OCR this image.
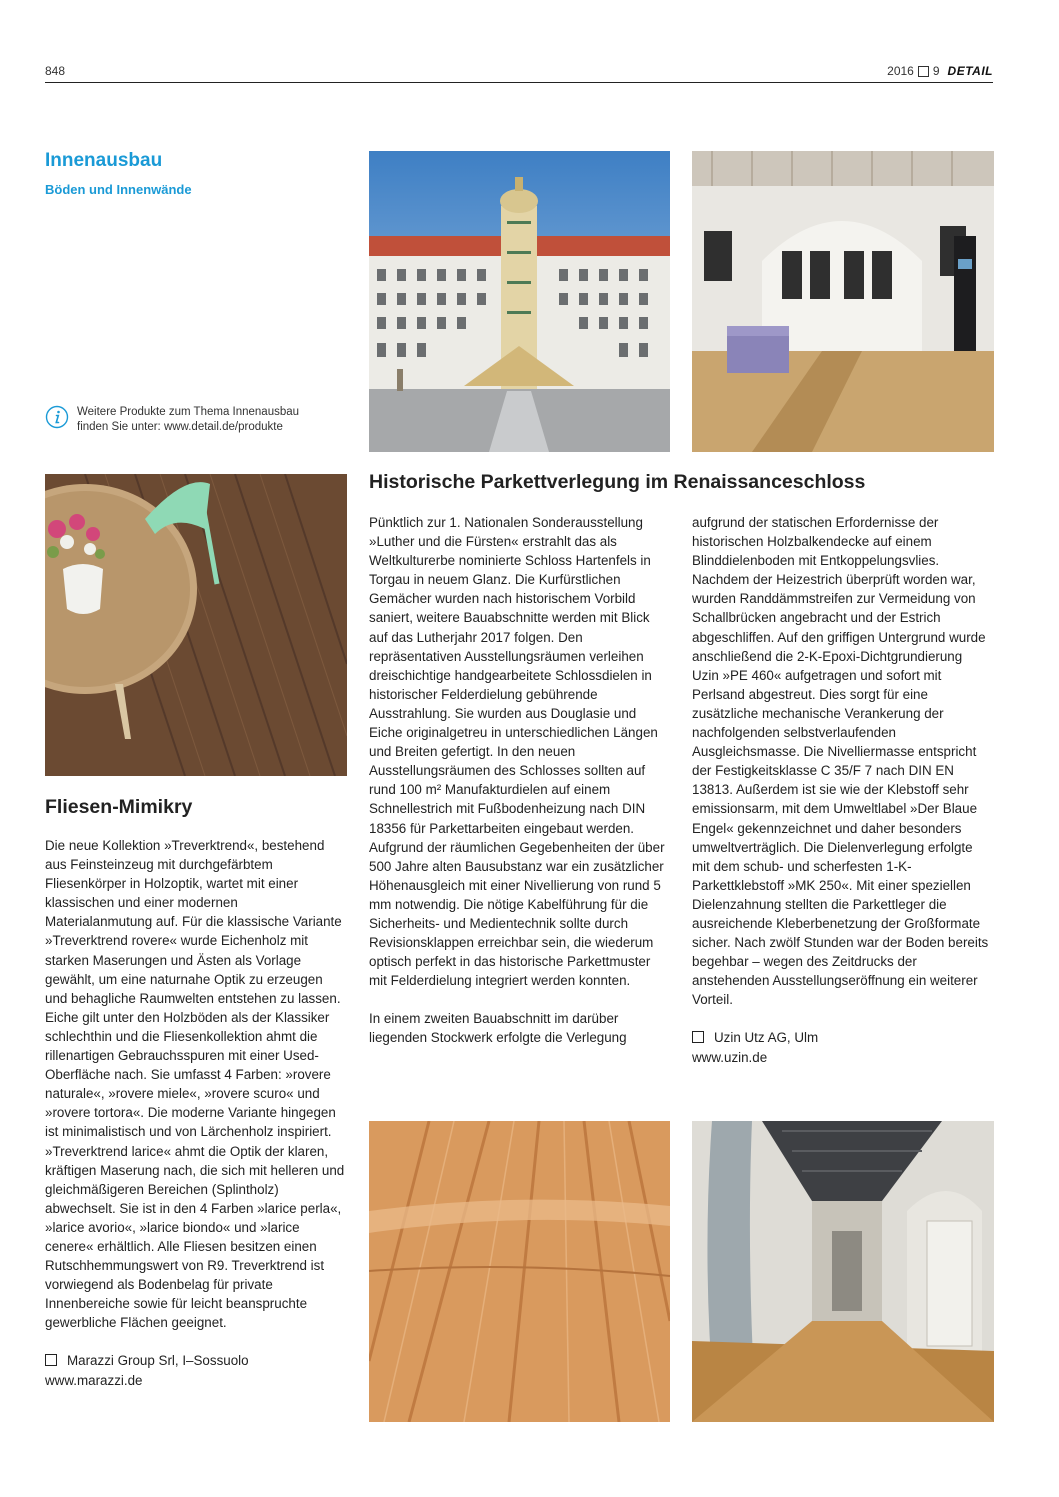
848	2016 9 DETAIL
Innenausbau
Böden und Innenwände
Weitere Produkte zum Thema Innenausbau
finden Sie unter: www.detail.de/produkte
Historische Parkettverlegung im Renaissanceschloss

Pünktlich zur 1. Nationalen Sonderausstellung »Luther und die Fürsten« erstrahlt das als Weltkulturerbe nominierte Schloss Hartenfels in Torgau in neuem Glanz. Die Kurfürstlichen Gemächer wurden nach historischem Vorbild saniert, weitere Bauabschnitte werden mit Blick auf das Lutherjahr 2017 folgen. Den repräsentativen Ausstellungsräumen verleihen dreischichtige handgearbeitete Schlossdielen in historischer Felderdielung gebührende Ausstrahlung. Sie wurden aus Douglasie und Eiche originalgetreu in unterschiedlichen Längen und Breiten gefertigt. In den neuen Ausstellungsräumen des Schlosses sollten auf rund 100 m² Manufakturdielen auf einem Schnellestrich mit Fußbodenheizung nach DIN 18356 für Parkettarbeiten eingebaut werden. Aufgrund der räumlichen Gegebenheiten der über 500 Jahre alten Bausubstanz war ein zusätzlicher Höhenausgleich mit einer Nivellierung von rund 5 mm notwendig. Die nötige Kabelführung für die Sicherheits- und Medientechnik sollte durch Revisionsklappen erreichbar sein, die wiederum optisch perfekt in das historische Parkettmuster mit Felderdielung integriert werden konnten.

In einem zweiten Bauabschnitt im darüber liegenden Stockwerk erfolgte die Verlegung

aufgrund der statischen Erfordernisse der historischen Holzbalkendecke auf einem Blinddielenboden mit Entkoppelungsvlies. Nachdem der Heizestrich überprüft worden war, wurden Randdämmstreifen zur Vermeidung von Schallbrücken angebracht und der Estrich abgeschliffen. Auf den griffigen Untergrund wurde anschließend die 2-K-Epoxi-Dichtgrundierung Uzin »PE 460« aufgetragen und sofort mit Perlsand abgestreut. Dies sorgt für eine zusätzliche mechanische Verankerung der nachfolgenden selbstverlaufenden Ausgleichsmasse. Die Nivelliermasse entspricht der Festigkeitsklasse C 35/F 7 nach DIN EN 13813. Außerdem ist sie wie der Klebstoff sehr emissionsarm, mit dem Umweltlabel »Der Blaue Engel« gekennzeichnet und daher besonders umweltverträglich. Die Dielenverlegung erfolgte mit dem schub- und scherfesten 1-K-Parkettklebstoff »MK 250«. Mit einer speziellen Dielenzahnung stellten die Parkettleger die ausreichende Kleberbenetzung der Großformate sicher. Nach zwölf Stunden war der Boden bereits begehbar – wegen des Zeitdrucks der anstehenden Ausstellungseröffnung ein weiterer Vorteil.

Uzin Utz AG, Ulm
www.uzin.de
Fliesen-Mimikry

Die neue Kollektion »Treverktrend«, bestehend aus Feinsteinzeug mit durchgefärbtem Fliesenkörper in Holzoptik, wartet mit einer klassischen und einer modernen Materialanmutung auf. Für die klassische Variante »Treverktrend rovere« wurde Eichenholz mit starken Maserungen und Ästen als Vorlage gewählt, um eine naturnahe Optik zu erzeugen und behagliche Raumwelten entstehen zu lassen. Eiche gilt unter den Holzböden als der Klassiker schlechthin und die Fliesenkollektion ahmt die rillenartigen Gebrauchsspuren mit einer Used-Oberfläche nach. Sie umfasst 4 Farben: »rovere naturale«, »rovere miele«, »rovere scuro« und »rovere tortora«. Die moderne Variante hingegen ist minimalistisch und von Lärchenholz inspiriert. »Treverktrend larice« ahmt die Optik der klaren, kräftigen Maserung nach, die sich mit helleren und gleichmäßigeren Bereichen (Splintholz) abwechselt. Sie ist in den 4 Farben »larice perla«, »larice avorio«, »larice biondo« und »larice cenere« erhältlich. Alle Fliesen besitzen einen Rutschhemmungswert von R9. Treverktrend ist vorwiegend als Bodenbelag für private Innenbereiche sowie für leicht beanspruchte gewerbliche Flächen geeignet.

Marazzi Group Srl, I–Sossuolo
www.marazzi.de
